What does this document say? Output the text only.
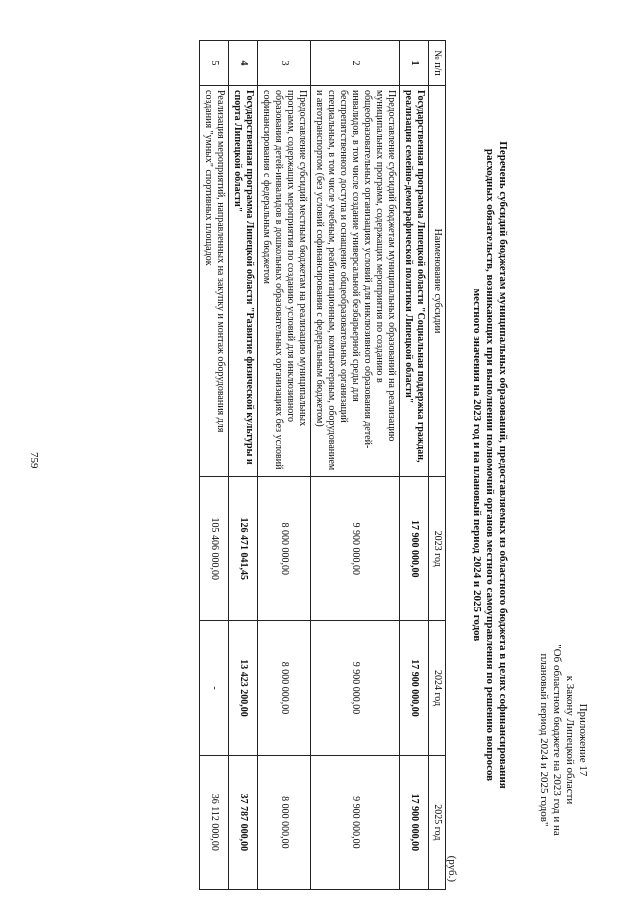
759
Приложение 17
к Закону Липецкой области
"Об областном бюджете на 2023 год и на
плановый период 2024 и 2025 годов"
Перечень субсидий бюджетам муниципальных образований, предоставляемых из областного бюджета в целях софинансирования
расходных обязательств, возникающих при выполнении полномочий органов местного самоуправления по решению вопросов
местного значения на 2023 год и на плановый период 2024 и 2025 годов
(руб.)
№ п/п	Наименование субсидии	2023 год	2024 год	2025 год
1	Государственная программа Липецкой области "Социальная поддержка граждан, реализация семейно-демографической политики Липецкой области"	17 900 000,00	17 900 000,00	17 900 000,00
2	Предоставление субсидий бюджетам муниципальных образований на реализацию муниципальных программ, содержащих мероприятия по созданию в общеобразовательных организациях условий для инклюзивного образования детей-инвалидов, в том числе создание универсальной безбарьерной среды для беспрепятственного доступа и оснащение общеобразовательных организаций специальным, в том числе учебным, реабилитационным, компьютерным, оборудованием и автотранспортом (без условий софинансирования с федеральным бюджетом)	9 900 000,00	9 900 000,00	9 900 000,00
3	Предоставление субсидий местным бюджетам на реализацию муниципальных программ, содержащих мероприятия по созданию условий для инклюзивного образования детей-инвалидов в дошкольных образовательных организациях без условий софинансирования с федеральным бюджетом	8 000 000,00	8 000 000,00	8 000 000,00
4	Государственная программа Липецкой области "Развитие физической культуры и спорта Липецкой области"	126 471 041,45	13 423 200,00	37 787 000,00
5	Реализация мероприятий, направленных на закупку и монтаж оборудования для создания "умных" спортивных площадок	105 406 000,00	-	36 112 000,00
